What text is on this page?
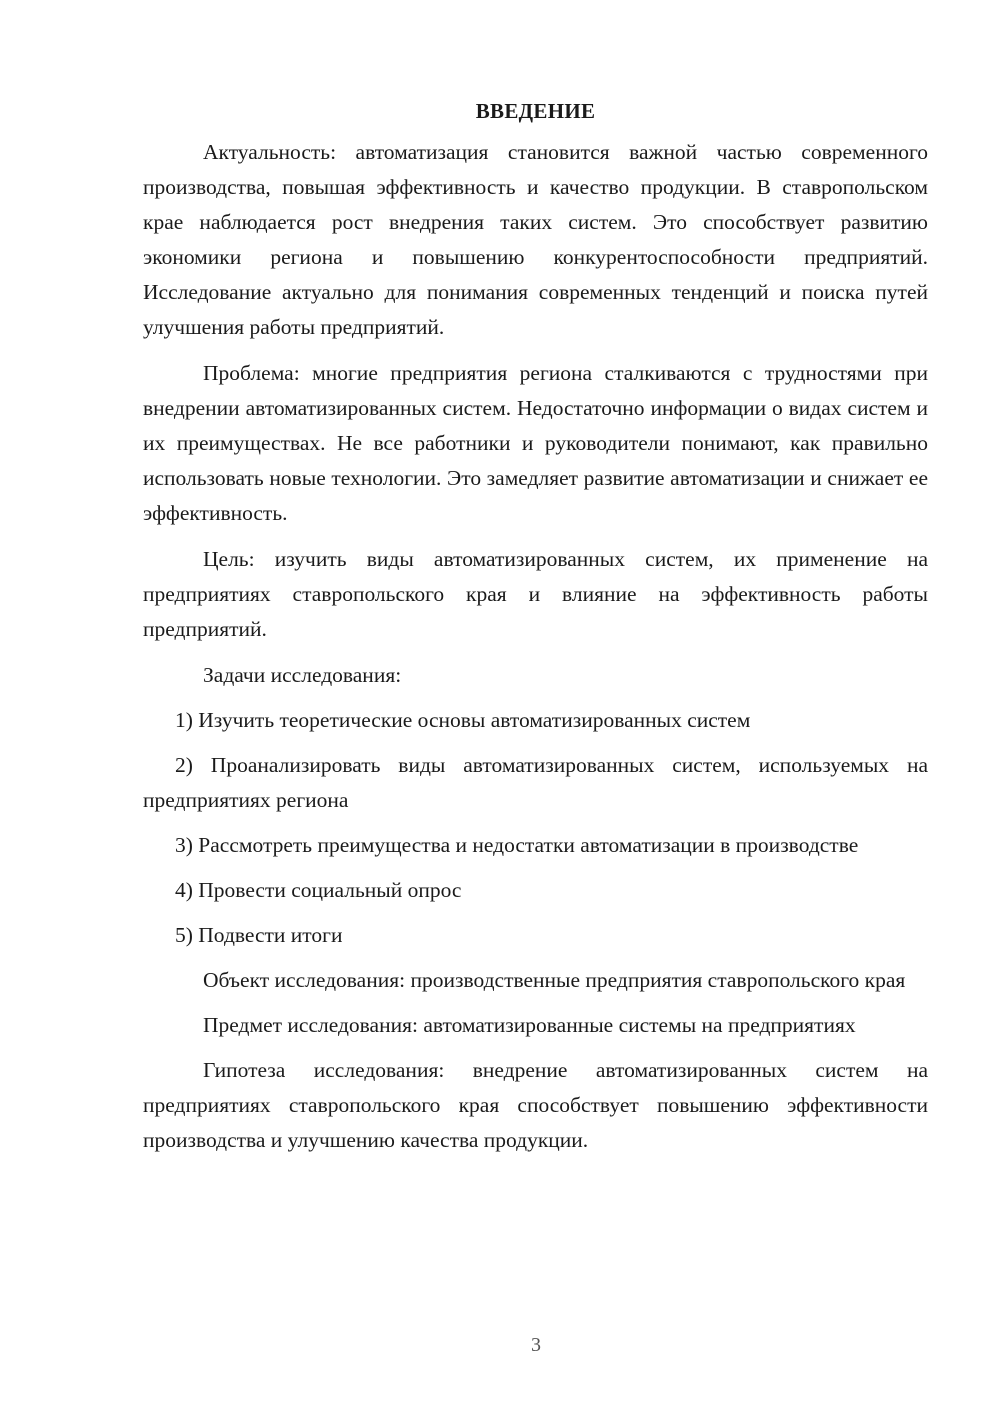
ВВЕДЕНИЕ

Актуальность: автоматизация становится важной частью современного производства, повышая эффективность и качество продукции. В ставропольском крае наблюдается рост внедрения таких систем. Это способствует развитию экономики региона и повышению конкурентоспособности предприятий. Исследование актуально для понимания современных тенденций и поиска путей улучшения работы предприятий.

Проблема: многие предприятия региона сталкиваются с трудностями при внедрении автоматизированных систем. Недостаточно информации о видах систем и их преимуществах. Не все работники и руководители понимают, как правильно использовать новые технологии. Это замедляет развитие автоматизации и снижает ее эффективность.

Цель: изучить виды автоматизированных систем, их применение на предприятиях ставропольского края и влияние на эффективность работы предприятий.

Задачи исследования:

1) Изучить теоретические основы автоматизированных систем

2) Проанализировать виды автоматизированных систем, используемых на предприятиях региона

3) Рассмотреть преимущества и недостатки автоматизации в производстве

4) Провести социальный опрос

5) Подвести итоги

Объект исследования: производственные предприятия ставропольского края

Предмет исследования: автоматизированные системы на предприятиях

Гипотеза исследования: внедрение автоматизированных систем на предприятиях ставропольского края способствует повышению эффективности производства и улучшению качества продукции.

3
